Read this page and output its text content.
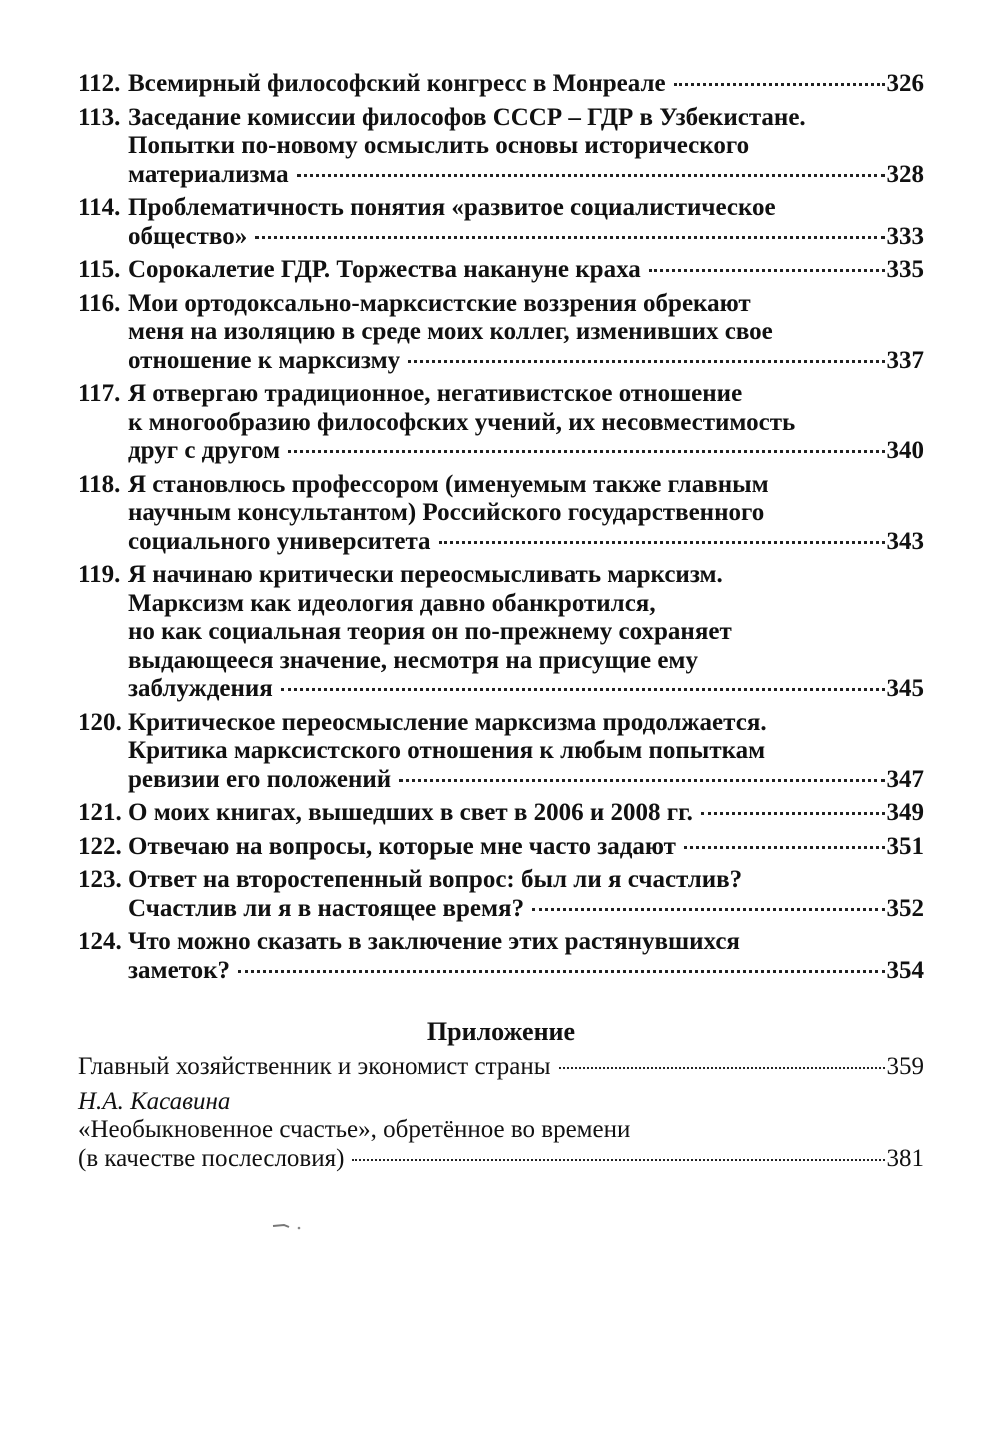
112. Всемирный философский конгресс в Монреале	326
113. Заседание комиссии философов СССР – ГДР в Узбекистане.
Попытки по-новому осмыслить основы исторического
материализма	328
114. Проблематичность понятия «развитое социалистическое
общество»	333
115. Сорокалетие ГДР. Торжества накануне краха	335
116. Мои ортодоксально-марксистские воззрения обрекают
меня на изоляцию в среде моих коллег, изменивших свое
отношение к марксизму	337
117. Я отвергаю традиционное, негативистское отношение
к многообразию философских учений, их несовместимость
друг с другом	340
118. Я становлюсь профессором (именуемым также главным
научным консультантом) Российского государственного
социального университета	343
119. Я начинаю критически переосмысливать марксизм.
Марксизм как идеология давно обанкротился,
но как социальная теория он по-прежнему сохраняет
выдающееся значение, несмотря на присущие ему
заблуждения	345
120. Критическое переосмысление марксизма продолжается.
Критика марксистского отношения к любым попыткам
ревизии его положений	347
121. О моих книгах, вышедших в свет в 2006 и 2008 гг.	349
122. Отвечаю на вопросы, которые мне часто задают	351
123. Ответ на второстепенный вопрос: был ли я счастлив?
Счастлив ли я в настоящее время?	352
124. Что можно сказать в заключение этих растянувшихся
заметок?	354
Приложение
Главный хозяйственник и экономист страны	359
Н.А. Касавина
«Необыкновенное счастье», обретённое во времени
(в качестве послесловия)	381
